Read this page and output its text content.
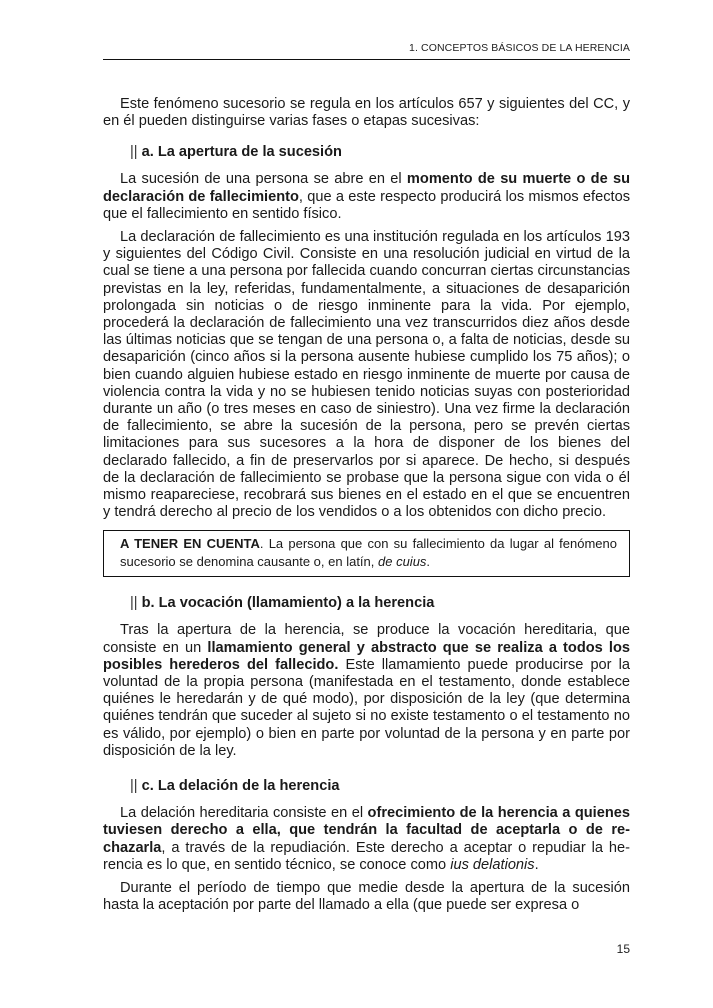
1. CONCEPTOS BÁSICOS DE LA HERENCIA

Este fenómeno sucesorio se regula en los artículos 657 y siguientes del CC, y en él pueden distinguirse varias fases o etapas sucesivas:

|| a. La apertura de la sucesión

La sucesión de una persona se abre en el momento de su muerte o de su declaración de fallecimiento, que a este respecto producirá los mismos efectos que el fallecimiento en sentido físico.

La declaración de fallecimiento es una institución regulada en los artículos 193 y siguientes del Código Civil. Consiste en una resolución judicial en virtud de la cual se tiene a una persona por fallecida cuando concurran ciertas circunstancias previstas en la ley, referidas, fundamentalmente, a situaciones de desaparición prolongada sin noticias o de riesgo inminente para la vida. Por ejemplo, procederá la declaración de fallecimiento una vez transcurridos diez años desde las últimas noticias que se tengan de una persona o, a falta de noticias, desde su desaparición (cinco años si la persona ausente hubiese cumplido los 75 años); o bien cuando alguien hubiese estado en riesgo inminente de muerte por causa de violencia contra la vida y no se hubiesen tenido noticias suyas con posterioridad durante un año (o tres meses en caso de siniestro). Una vez firme la declaración de fallecimiento, se abre la sucesión de la persona, pero se prevén ciertas limitaciones para sus sucesores a la hora de disponer de los bienes del declarado fallecido, a fin de preservarlos por si aparece. De hecho, si después de la declaración de fallecimiento se probase que la persona sigue con vida o él mismo reapareciese, recobrará sus bienes en el estado en el que se encuentren y tendrá derecho al precio de los vendidos o a los obtenidos con dicho precio.

A TENER EN CUENTA. La persona que con su fallecimiento da lugar al fenómeno sucesorio se denomina causante o, en latín, de cuius.
|| b. La vocación (llamamiento) a la herencia

Tras la apertura de la herencia, se produce la vocación hereditaria, que consiste en un llamamiento general y abstracto que se realiza a todos los posibles herederos del fallecido. Este llamamiento puede producirse por la voluntad de la propia persona (manifestada en el testamento, donde establece quiénes le heredarán y de qué modo), por disposición de la ley (que determina quiénes tendrán que suceder al sujeto si no existe testamento o el testamento no es válido, por ejemplo) o bien en parte por voluntad de la persona y en parte por disposición de la ley.

|| c. La delación de la herencia

La delación hereditaria consiste en el ofrecimiento de la herencia a quienes tuviesen derecho a ella, que tendrán la facultad de aceptarla o de rechazarla, a través de la repudiación. Este derecho a aceptar o repudiar la herencia es lo que, en sentido técnico, se conoce como ius delationis.

Durante el período de tiempo que medie desde la apertura de la sucesión hasta la aceptación por parte del llamado a ella (que puede ser expresa o

15
